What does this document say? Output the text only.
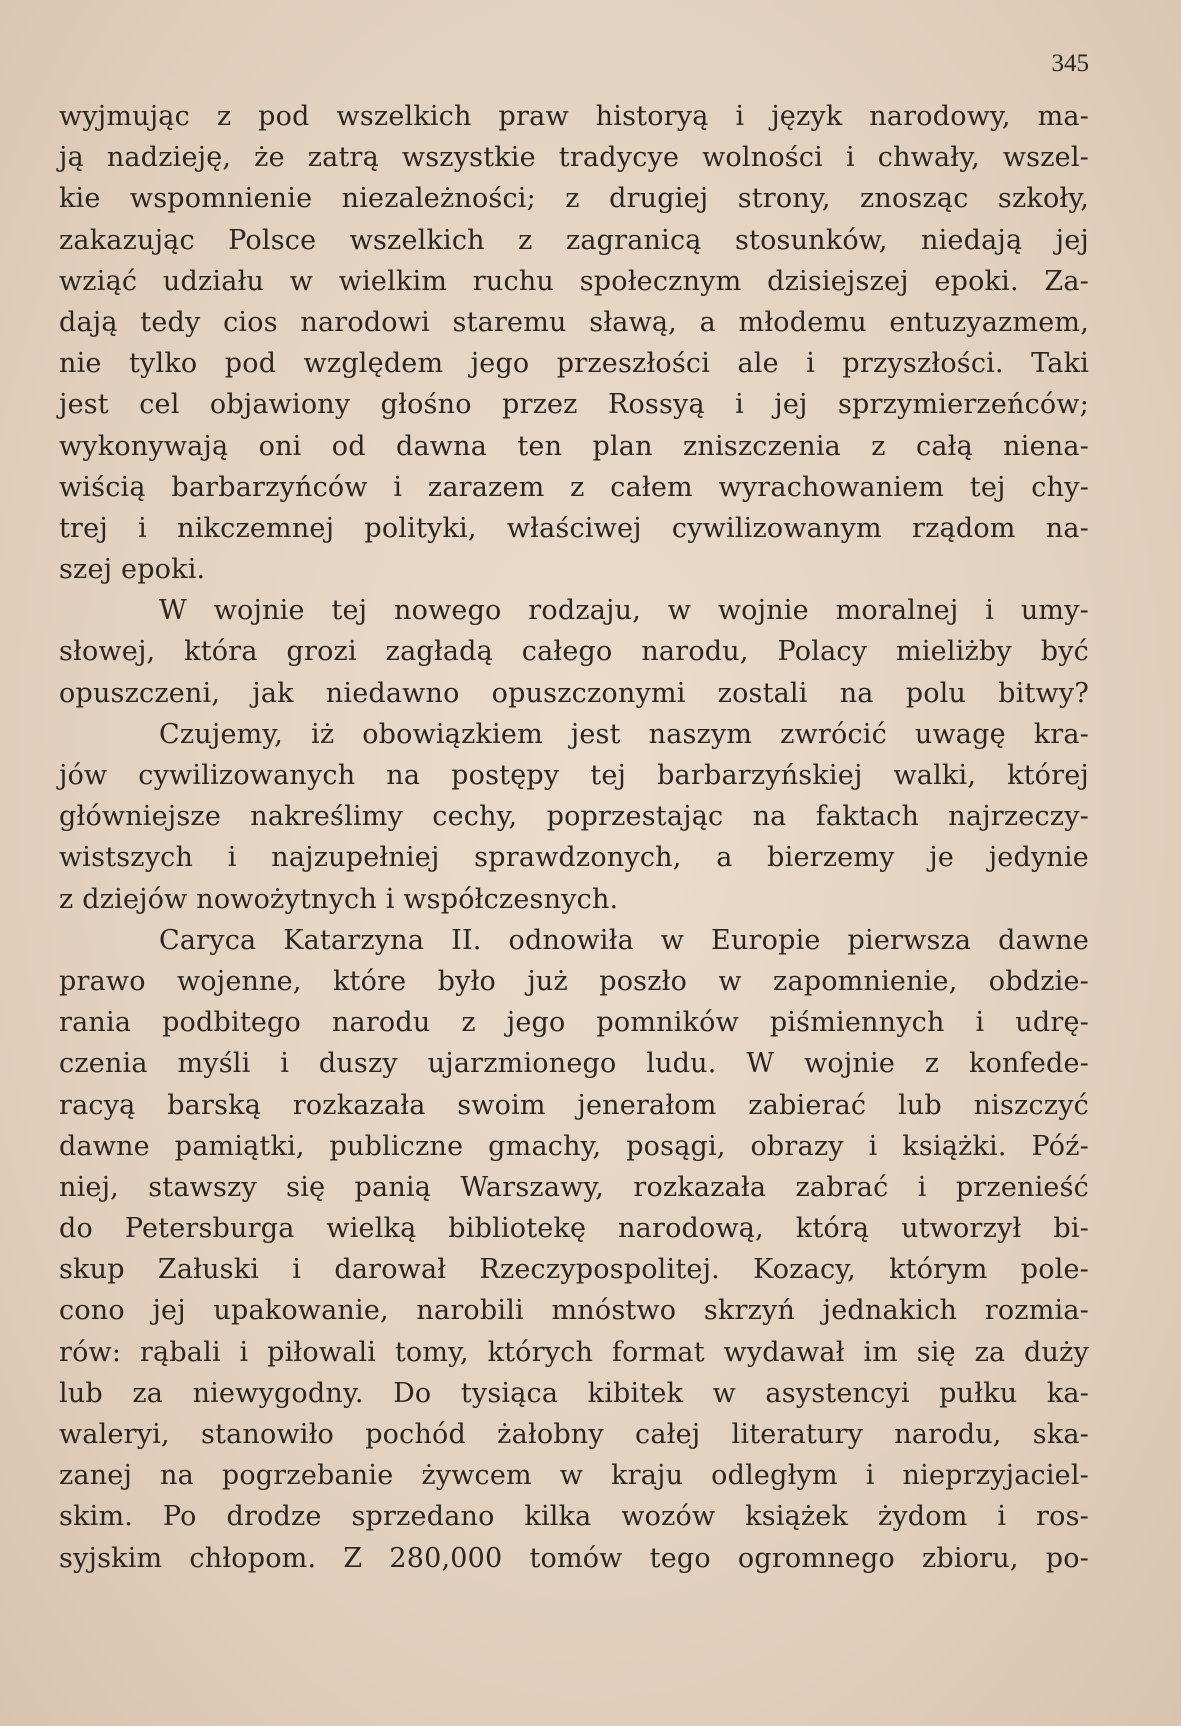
345
wyjmując z pod wszelkich praw historyą i język narodowy, ma-
ją nadzieję, że zatrą wszystkie tradycye wolności i chwały, wszel-
kie wspomnienie niezależności; z drugiej strony, znosząc szkoły,
zakazując Polsce wszelkich z zagranicą stosunków, niedają jej
wziąć udziału w wielkim ruchu społecznym dzisiejszej epoki. Za-
dają tedy cios narodowi staremu sławą, a młodemu entuzyazmem,
nie tylko pod względem jego przeszłości ale i przyszłości. Taki
jest cel objawiony głośno przez Rossyą i jej sprzymierzeńców;
wykonywają oni od dawna ten plan zniszczenia z całą niena-
wiścią barbarzyńców i zarazem z całem wyrachowaniem tej chy-
trej i nikczemnej polityki, właściwej cywilizowanym rządom na-
szej epoki.
W wojnie tej nowego rodzaju, w wojnie moralnej i umy-
słowej, która grozi zagładą całego narodu, Polacy mieliżby być
opuszczeni, jak niedawno opuszczonymi zostali na polu bitwy?
Czujemy, iż obowiązkiem jest naszym zwrócić uwagę kra-
jów cywilizowanych na postępy tej barbarzyńskiej walki, której
główniejsze nakreślimy cechy, poprzestając na faktach najrzeczy-
wistszych i najzupełniej sprawdzonych, a bierzemy je jedynie
z dziejów nowożytnych i współczesnych.
Caryca Katarzyna II. odnowiła w Europie pierwsza dawne
prawo wojenne, które było już poszło w zapomnienie, obdzie-
rania podbitego narodu z jego pomników piśmiennych i udrę-
czenia myśli i duszy ujarzmionego ludu. W wojnie z konfede-
racyą barską rozkazała swoim jenerałom zabierać lub niszczyć
dawne pamiątki, publiczne gmachy, posągi, obrazy i książki. Póź-
niej, stawszy się panią Warszawy, rozkazała zabrać i przenieść
do Petersburga wielką bibliotekę narodową, którą utworzył bi-
skup Załuski i darował Rzeczypospolitej. Kozacy, którym pole-
cono jej upakowanie, narobili mnóstwo skrzyń jednakich rozmia-
rów: rąbali i piłowali tomy, których format wydawał im się za duży
lub za niewygodny. Do tysiąca kibitek w asystencyi pułku ka-
waleryi, stanowiło pochód żałobny całej literatury narodu, ska-
zanej na pogrzebanie żywcem w kraju odległym i nieprzyjaciel-
skim. Po drodze sprzedano kilka wozów książek żydom i ros-
syjskim chłopom. Z 280,000 tomów tego ogromnego zbioru, po-
